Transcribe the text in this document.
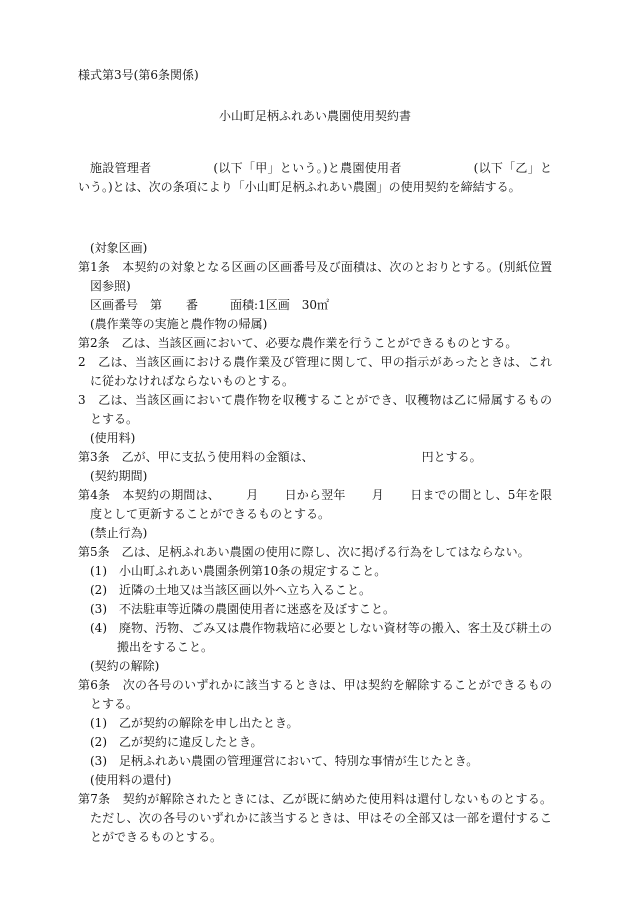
様式第3号(第6条関係)
小山町足柄ふれあい農園使用契約書

施設管理者	(以下「甲」という。)と農園使用者	(以下「乙」という。)とは、次の条項により「小山町足柄ふれあい農園」の使用契約を締結する。

(対象区画)

第1条　本契約の対象となる区画の区画番号及び面積は、次のとおりとする。(別紙位置図参照)

区画番号 第 番	面積:1区画　30㎡

(農作業等の実施と農作物の帰属)

第2条　乙は、当該区画において、必要な農作業を行うことができるものとする。

2　乙は、当該区画における農作業及び管理に関して、甲の指示があったときは、これに従わなければならないものとする。

3　乙は、当該区画において農作物を収穫することができ、収穫物は乙に帰属するものとする。

(使用料)

第3条　乙が、甲に支払う使用料の金額は、	円とする。

(契約期間)

第4条　本契約の期間は、 月 日から翌年 月 日までの間とし、5年を限度として更新することができるものとする。

(禁止行為)

第5条　乙は、足柄ふれあい農園の使用に際し、次に掲げる行為をしてはならない。

(1)　小山町ふれあい農園条例第10条の規定すること。

(2)　近隣の土地又は当該区画以外へ立ち入ること。

(3)　不法駐車等近隣の農園使用者に迷惑を及ぼすこと。

(4)　廃物、汚物、ごみ又は農作物栽培に必要としない資材等の搬入、客土及び耕土の搬出をすること。

(契約の解除)

第6条　次の各号のいずれかに該当するときは、甲は契約を解除することができるものとする。

(1)　乙が契約の解除を申し出たとき。

(2)　乙が契約に違反したとき。

(3)　足柄ふれあい農園の管理運営において、特別な事情が生じたとき。

(使用料の還付)

第7条　契約が解除されたときには、乙が既に納めた使用料は還付しないものとする。ただし、次の各号のいずれかに該当するときは、甲はその全部又は一部を還付することができるものとする。
